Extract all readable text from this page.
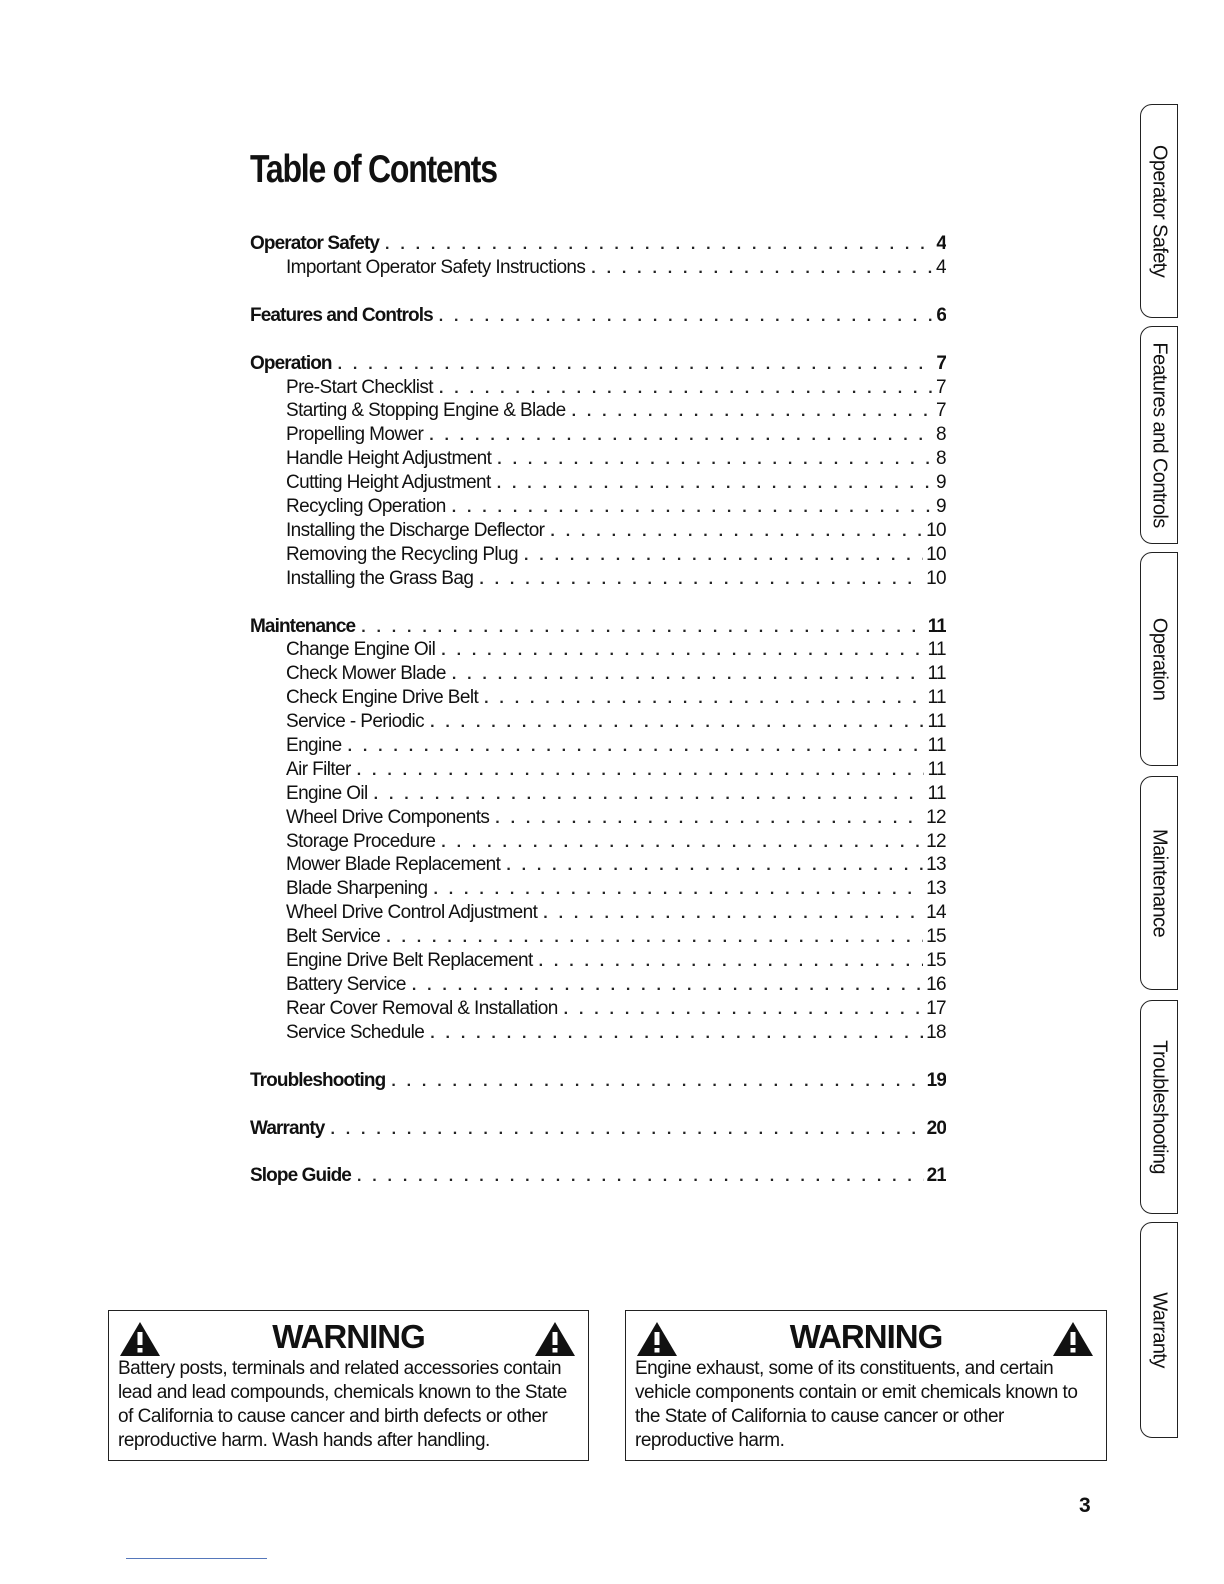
Table of Contents
Operator Safety . . .	4
Important Operator Safety Instructions . . .	4
Features and Controls . . .	6
Operation . . .	7
Pre-Start Checklist . . .	7
Starting & Stopping Engine & Blade . . .	7
Propelling Mower . . .	8
Handle Height Adjustment . . .	8
Cutting Height Adjustment . . .	9
Recycling Operation . . .	9
Installing the Discharge Deflector . . .	10
Removing the Recycling Plug . . .	10
Installing the Grass Bag . . .	10
Maintenance . . .	11
Change Engine Oil . . .	11
Check Mower Blade . . .	11
Check Engine Drive Belt . . .	11
Service - Periodic . . .	11
Engine . . .	11
Air Filter . . .	11
Engine Oil . . .	11
Wheel Drive Components . . .	12
Storage Procedure . . .	12
Mower Blade Replacement . . .	13
Blade Sharpening . . .	13
Wheel Drive Control Adjustment . . .	14
Belt Service . . .	15
Engine Drive Belt Replacement . . .	15
Battery Service . . .	16
Rear Cover Removal & Installation . . .	17
Service Schedule . . .	18
Troubleshooting . . .	19
Warranty . . .	20
Slope Guide . . .	21
Operator Safety
Features and Controls
Operation
Maintenance
Troubleshooting
Warranty
WARNING
Battery posts, terminals and related accessories contain lead and lead compounds, chemicals known to the State of California to cause cancer and birth defects or other reproductive harm. Wash hands after handling.
WARNING
Engine exhaust, some of its constituents, and certain vehicle components contain or emit chemicals known to the State of California to cause cancer or other reproductive harm.
3
